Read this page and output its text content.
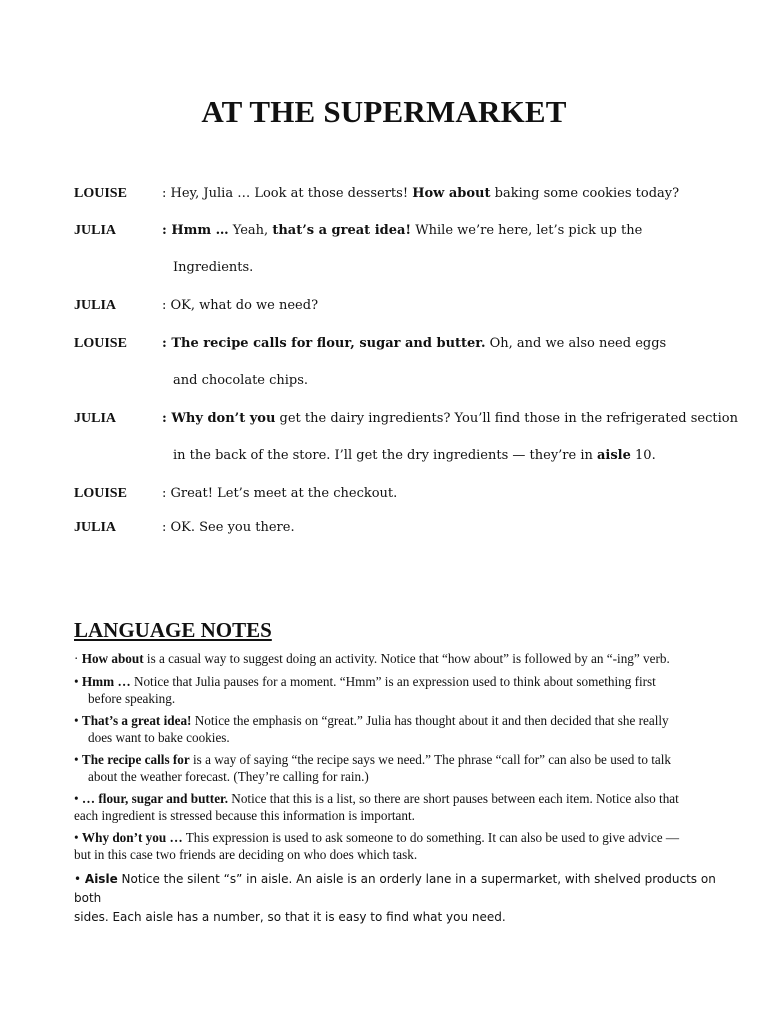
AT THE SUPERMARKET
LOUISE	: Hey, Julia … Look at those desserts! How about baking some cookies today?
JULIA	: Hmm … Yeah, that’s a great idea! While we’re here, let’s pick up the
Ingredients.
JULIA	: OK, what do we need?
LOUISE	: The recipe calls for flour, sugar and butter. Oh, and we also need eggs
and chocolate chips.
JULIA	: Why don’t you get the dairy ingredients? You’ll find those in the refrigerated section
in the back of the store. I’ll get the dry ingredients — they’re in aisle 10.
LOUISE	: Great! Let’s meet at the checkout.
JULIA	: OK. See you there.
LANGUAGE NOTES
· How about is a casual way to suggest doing an activity. Notice that “how about” is followed by an “-ing” verb.
• Hmm … Notice that Julia pauses for a moment. “Hmm” is an expression used to think about something first
before speaking.
• That’s a great idea! Notice the emphasis on “great.” Julia has thought about it and then decided that she really
does want to bake cookies.
• The recipe calls for is a way of saying “the recipe says we need.” The phrase “call for” can also be used to talk
about the weather forecast. (They’re calling for rain.)
• … flour, sugar and butter. Notice that this is a list, so there are short pauses between each item. Notice also that
each ingredient is stressed because this information is important.
• Why don’t you … This expression is used to ask someone to do something. It can also be used to give advice —
but in this case two friends are deciding on who does which task.
• Aisle Notice the silent “s” in aisle. An aisle is an orderly lane in a supermarket, with shelved products on both
sides. Each aisle has a number, so that it is easy to find what you need.
